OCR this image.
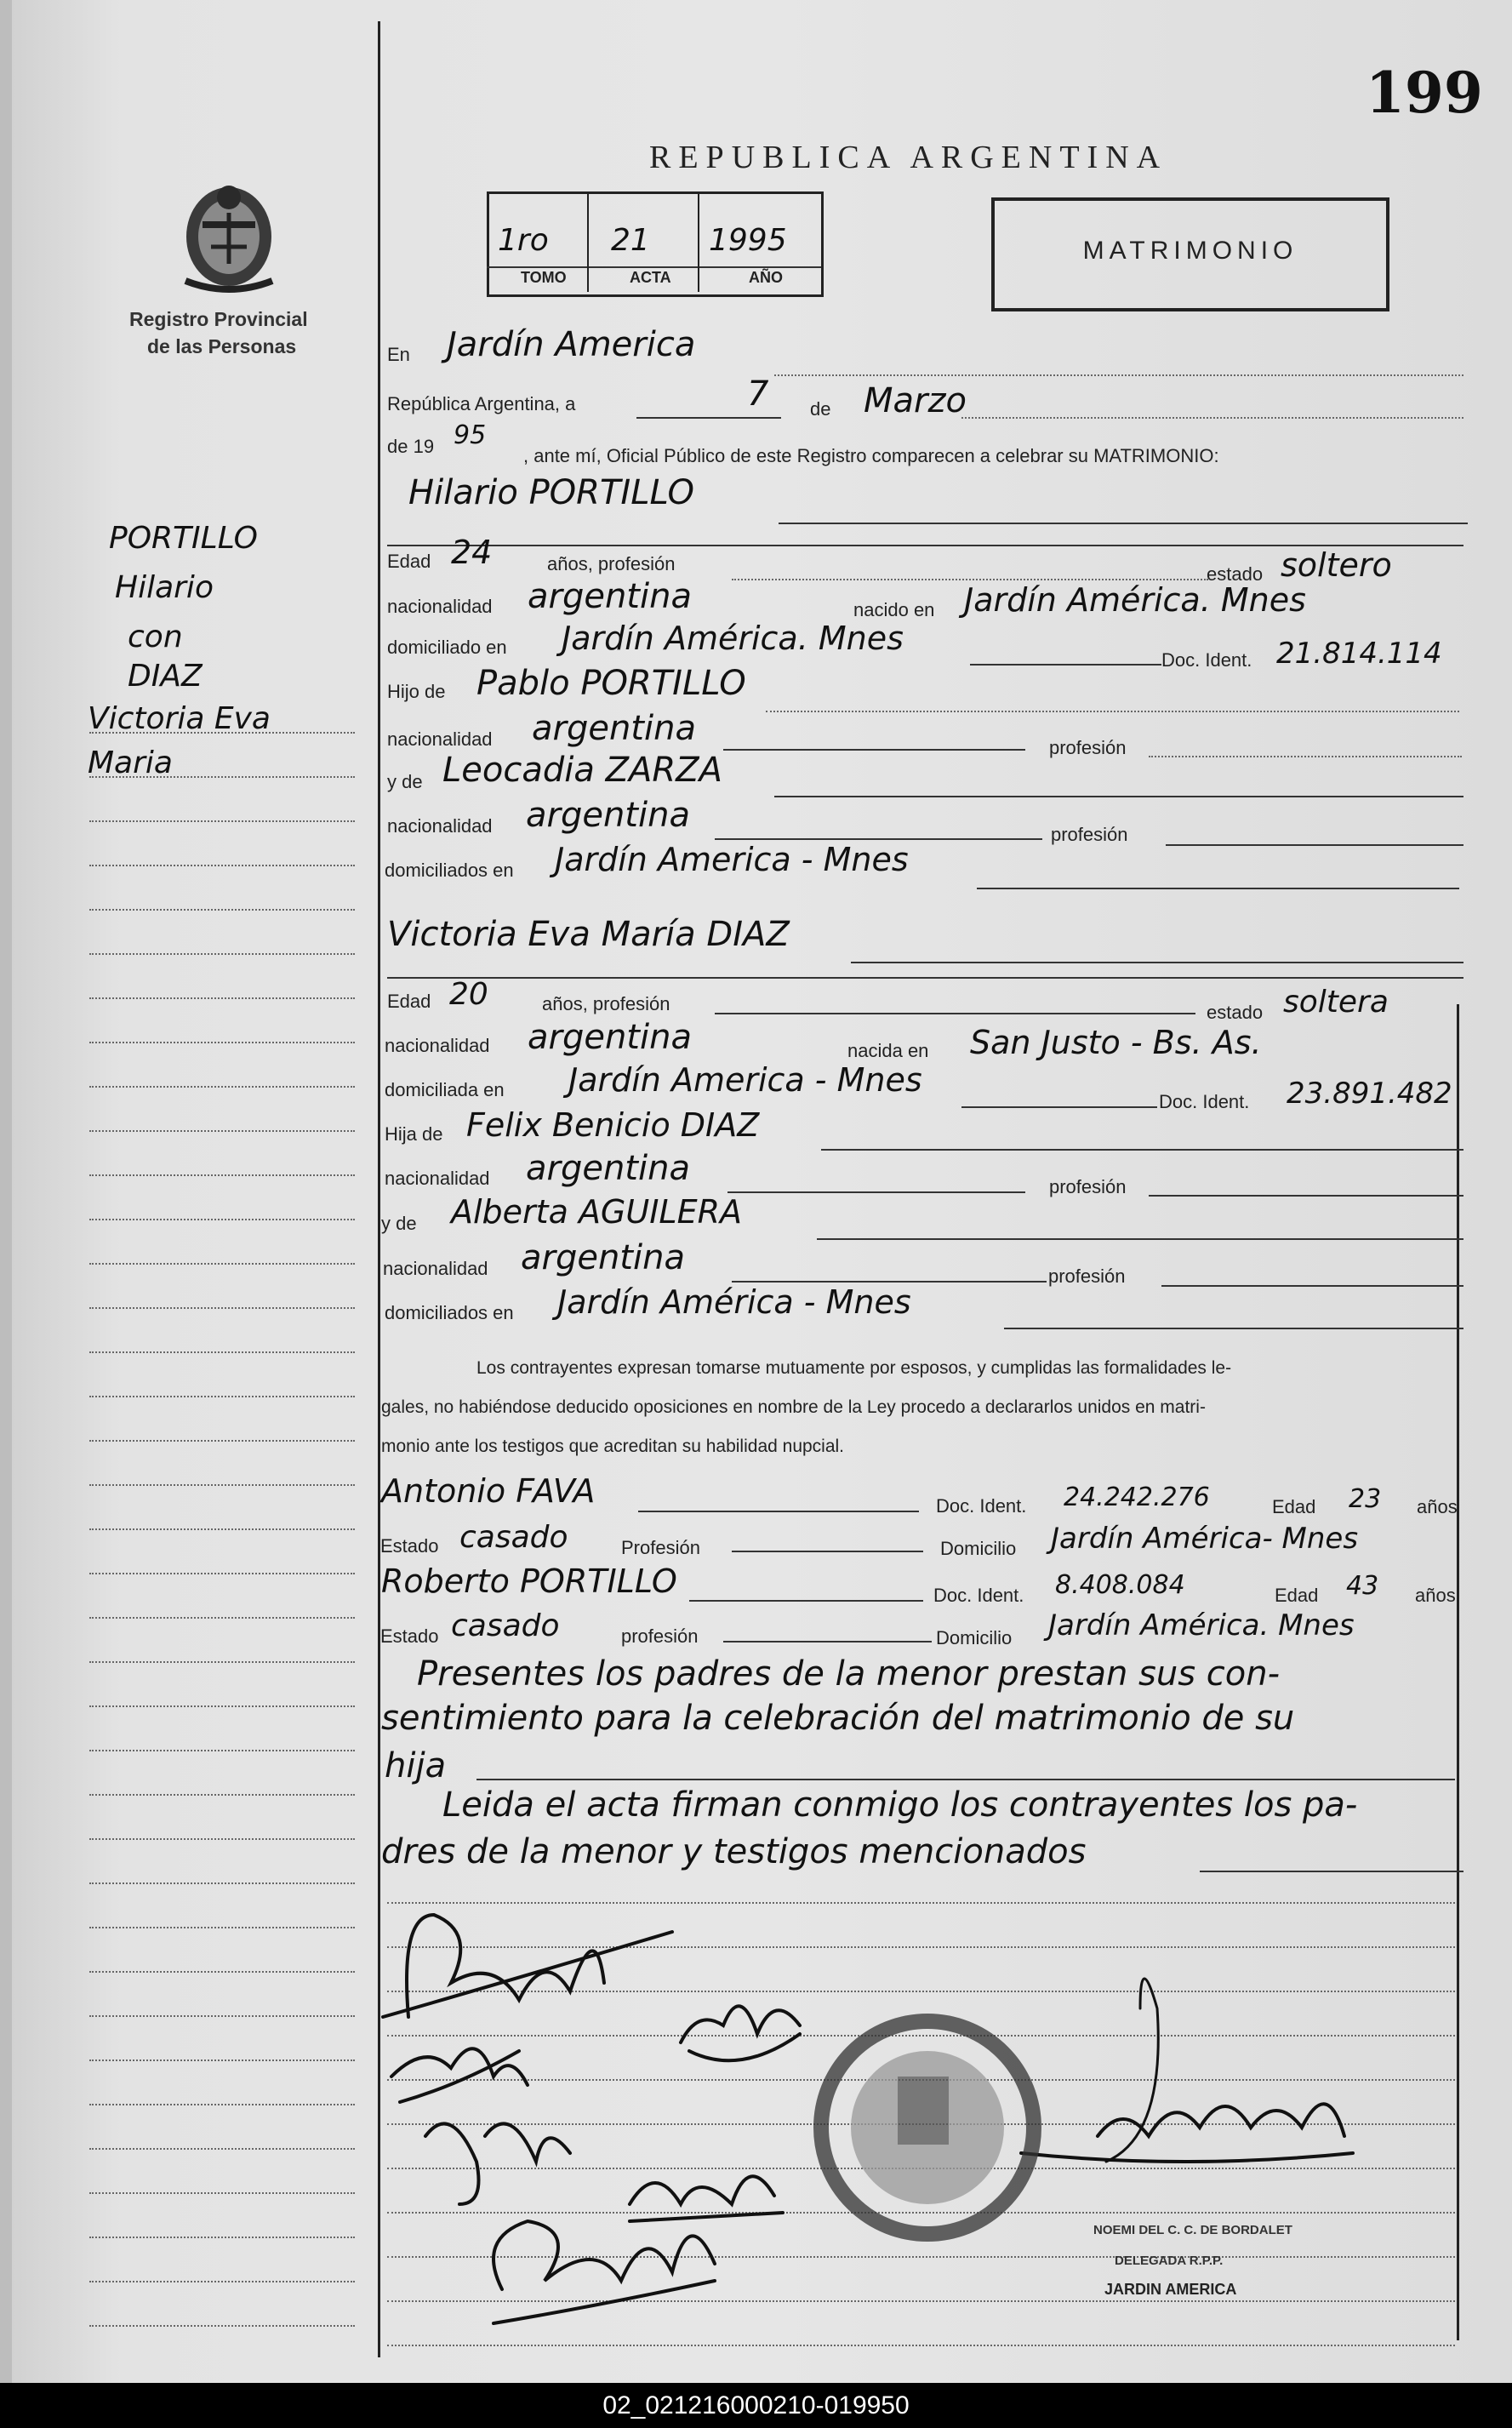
199
REPUBLICA ARGENTINA
Registro Provincial
de las Personas
1ro 21 1995
TOMO	ACTA	AÑO
MATRIMONIO
PORTILLO
Hilario
con
DIAZ
Victoria Eva
Maria
En Jardín America
República Argentina, a	7 de Marzo
de 19 95
, ante mí, Oficial Público de este Registro comparecen a celebrar su MATRIMONIO:
Hilario PORTILLO
Edad 24	años, profesión	estado soltero
nacionalidad argentina	nacido en Jardín América. Mnes
domiciliado en Jardín América. Mnes
Doc. Ident. 21.814.114
Hijo de Pablo PORTILLO
nacionalidad argentina	profesión
y de Leocadia ZARZA
nacionalidad argentina	profesión
domiciliados en Jardín America - Mnes
Victoria Eva María DIAZ
Edad 20	años, profesión	estado soltera
nacionalidad argentina	nacida en San Justo - Bs. As.
domiciliada en Jardín America - Mnes
Doc. Ident. 23.891.482
Hija de Felix Benicio DIAZ
nacionalidad argentina	profesión
y de Alberta AGUILERA
nacionalidad argentina	profesión
domiciliados en Jardín América - Mnes
Los contrayentes expresan tomarse mutuamente por esposos, y cumplidas las formalidades le-
gales, no habiéndose deducido oposiciones en nombre de la Ley procedo a declararlos unidos en matri-
monio ante los testigos que acreditan su habilidad nupcial.
Antonio FAVA	Doc. Ident. 24.242.276	Edad 23 años
Estado casado	Profesión	Domicilio Jardín América- Mnes
Roberto PORTILLO	Doc. Ident. 8.408.084	Edad 43 años
Estado casado	profesión	Domicilio Jardín América. Mnes
Presentes los padres de la menor prestan sus con-
sentimiento para la celebración del matrimonio de su
hija
Leida el acta firman conmigo los contrayentes los pa-
dres de la menor y testigos mencionados
NOEMI DEL C. C. DE BORDALET
DELEGADA R.P.P.
JARDIN AMERICA
02_021216000210-019950
